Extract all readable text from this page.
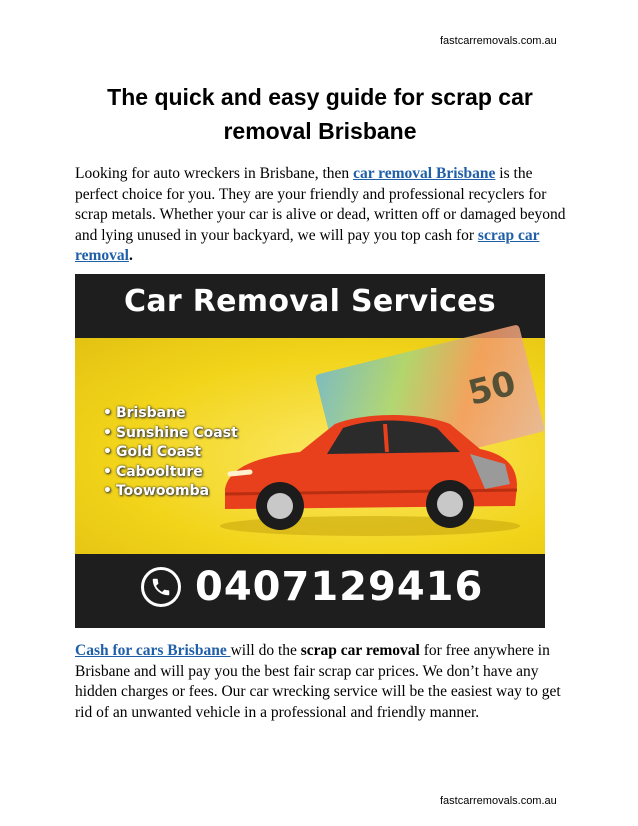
fastcarremovals.com.au
The quick and easy guide for scrap car removal Brisbane

Looking for auto wreckers in Brisbane, then car removal Brisbane is the perfect choice for you. They are your friendly and professional recyclers for scrap metals. Whether your car is alive or dead, written off or damaged beyond and lying unused in your backyard, we will pay you top cash for scrap car removal.

Car Removal Services
50
• Brisbane
• Sunshine Coast
• Gold Coast
• Caboolture
• Toowoomba
0407129416

Cash for cars Brisbane will do the scrap car removal for free anywhere in Brisbane and will pay you the best fair scrap car prices. We don’t have any hidden charges or fees. Our car wrecking service will be the easiest way to get rid of an unwanted vehicle in a professional and friendly manner.

fastcarremovals.com.au
